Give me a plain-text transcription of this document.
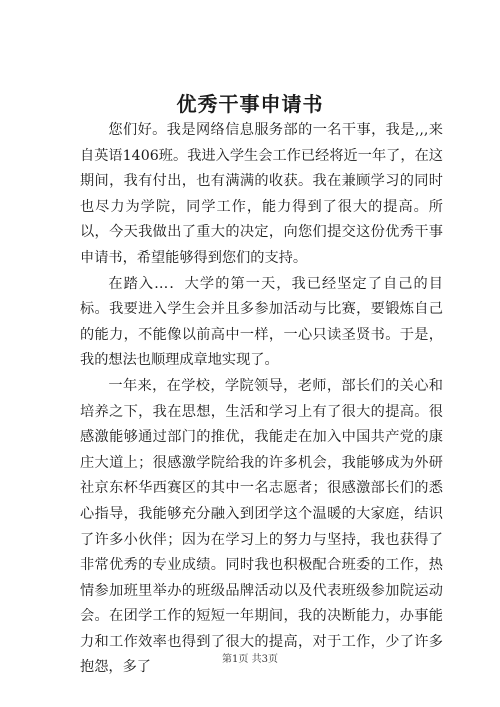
优秀干事申请书

您们好。我是网络信息服务部的一名干事，我是,,,来自英语1406班。我进入学生会工作已经将近一年了，在这期间，我有付出，也有满满的收获。我在兼顾学习的同时也尽力为学院，同学工作，能力得到了很大的提高。所以，今天我做出了重大的决定，向您们提交这份优秀干事申请书，希望能够得到您们的支持。

在踏入…．大学的第一天，我已经坚定了自己的目标。我要进入学生会并且多参加活动与比赛，要锻炼自己的能力，不能像以前高中一样，一心只读圣贤书。于是，我的想法也顺理成章地实现了。

一年来，在学校，学院领导，老师，部长们的关心和培养之下，我在思想，生活和学习上有了很大的提高。很感激能够通过部门的推优，我能走在加入中国共产党的康庄大道上；很感激学院给我的许多机会，我能够成为外研社京东杯华西赛区的其中一名志愿者；很感激部长们的悉心指导，我能够充分融入到团学这个温暖的大家庭，结识了许多小伙伴；因为在学习上的努力与坚持，我也获得了非常优秀的专业成绩。同时我也积极配合班委的工作，热情参加班里举办的班级品牌活动以及代表班级参加院运动会。在团学工作的短短一年期间，我的决断能力，办事能力和工作效率也得到了很大的提高，对于工作，少了许多抱怨，多了	第1页 共3页
